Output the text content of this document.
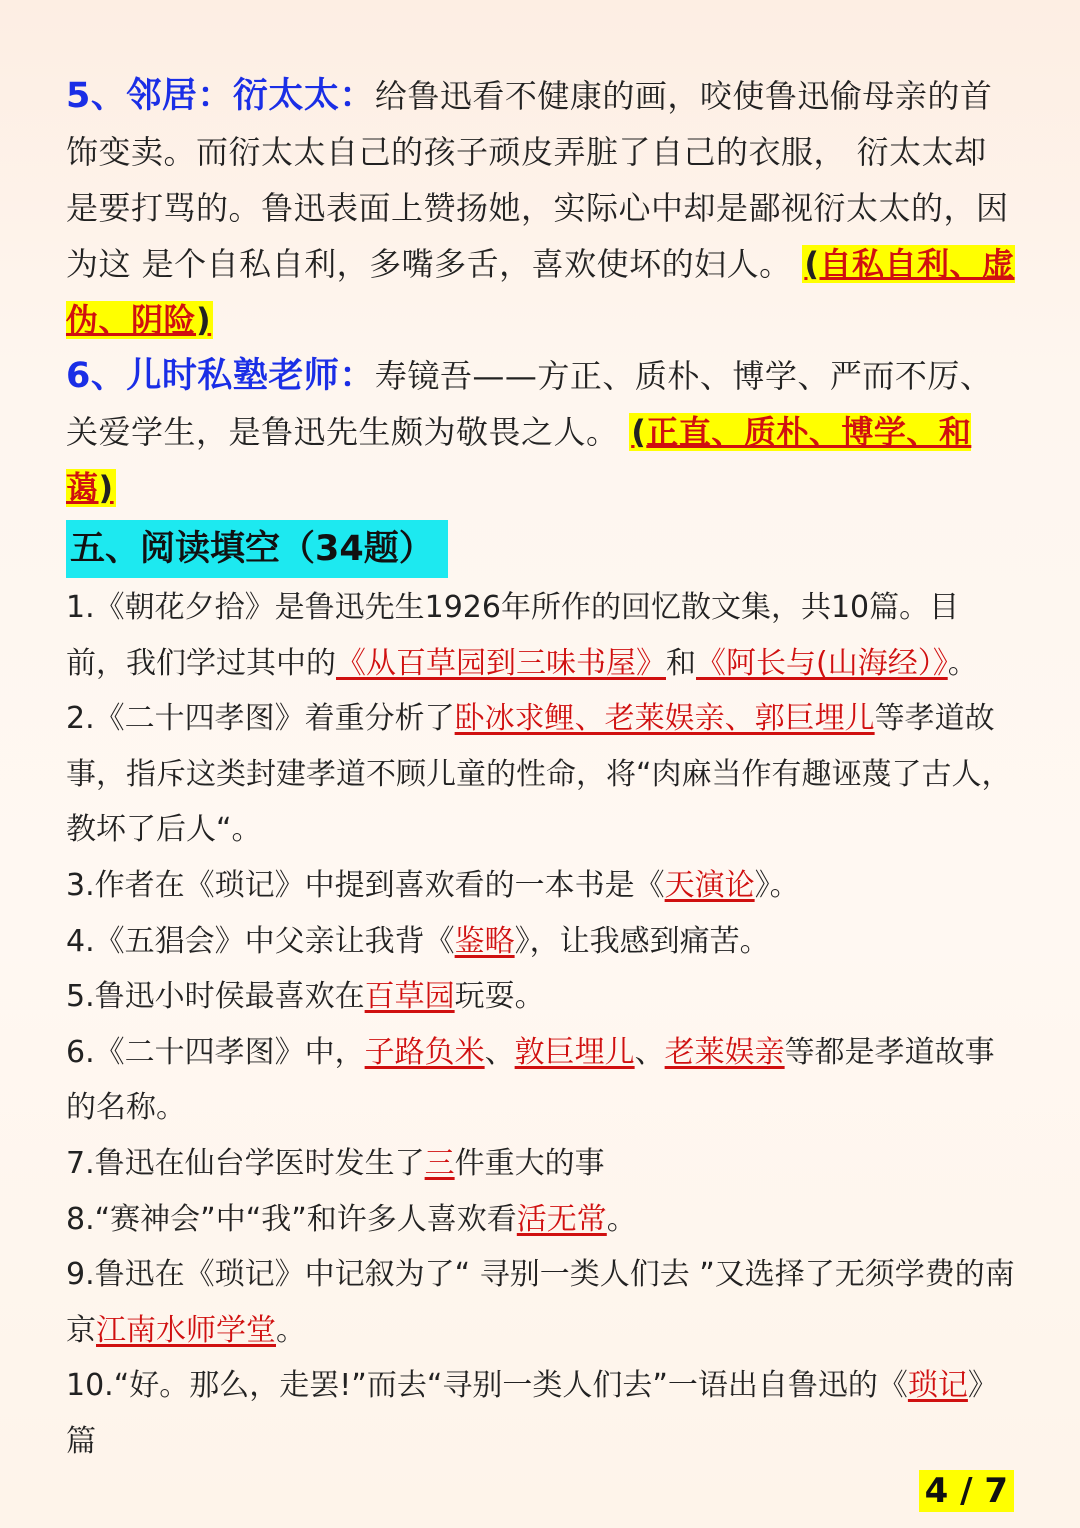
5、邻居：衍太太：给鲁迅看不健康的画，咬使鲁迅偷母亲的首饰变卖。而衍太太自己的孩子顽皮弄脏了自己的衣服， 衍太太却是要打骂的。鲁迅表面上赞扬她，实际心中却是鄙视衍太太的，因为这 是个自私自利，多嘴多舌，喜欢使坏的妇人。 (自私自利、虚伪、阴险)

6、儿时私塾老师：寿镜吾——方正、质朴、博学、严而不厉、关爱学生，是鲁迅先生颇为敬畏之人。 (正直、质朴、博学、和蔼)

五、阅读填空（34题）

1.《朝花夕拾》是鲁迅先生1926年所作的回忆散文集，共10篇。目前，我们学过其中的《从百草园到三味书屋》和《阿长与(山海经）》。

2.《二十四孝图》着重分析了卧冰求鲤、老莱娱亲、郭巨埋儿等孝道故事，指斥这类封建孝道不顾儿童的性命，将“肉麻当作有趣诬蔑了古人，教坏了后人“。

3.作者在《琐记》中提到喜欢看的一本书是《天演论》。

4.《五猖会》中父亲让我背《鉴略》，让我感到痛苦。

5.鲁迅小时侯最喜欢在百草园玩耍。

6.《二十四孝图》中，子路负米、敦巨埋儿、老莱娱亲等都是孝道故事的名称。

7.鲁迅在仙台学医时发生了三件重大的事

8.“赛神会”中“我”和许多人喜欢看活无常。

9.鲁迅在《琐记》中记叙为了“ 寻别一类人们去 ”又选择了无须学费的南京江南水师学堂。

10.“好。那么，走罢!”而去“寻别一类人们去”一语出自鲁迅的《琐记》篇

4 / 7
